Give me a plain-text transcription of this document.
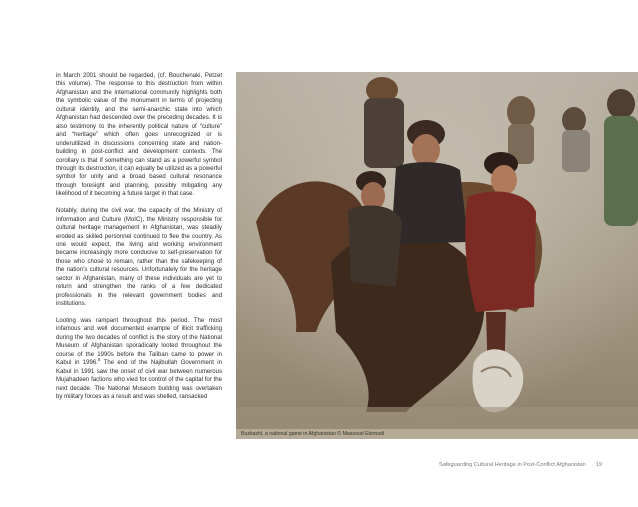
in March 2001 should be regarded, (cf. Bouchenaki, Petzet this volume). The response to this destruction from within Afghanistan and the international community highlights both the symbolic value of the monument in terms of projecting cultural identity, and the semi-anarchic state into which Afghanistan had descended over the preceding decades. It is also testimony to the inherently political nature of “culture” and “heritage” which often goes unrecognized or is underutilized in discussions concerning state and nation-building in post-conflict and development contexts. The corollary is that if something can stand as a powerful symbol through its destruction, it can equally be utilized as a powerful symbol for unity and a broad based cultural resonance through foresight and planning, possibly mitigating any likelihood of it becoming a future target in that case.

Notably, during the civil war, the capacity of the Ministry of Information and Culture (MoIC), the Ministry responsible for cultural heritage management in Afghanistan, was steadily eroded as skilled personnel continued to flee the country. As one would expect, the living and working environment became increasingly more conducive to self-preservation for those who chose to remain, rather than the safekeeping of the nation’s cultural resources. Unfortunately for the heritage sector in Afghanistan, many of these individuals are yet to return and strengthen the ranks of a few dedicated professionals in the relevant government bodies and institutions.

Looting was rampant throughout this period. The most infamous and well documented example of illicit trafficking during the two decades of conflict is the story of the National Museum of Afghanistan sporadically looted throughout the course of the 1990s before the Taliban came to power in Kabul in 1996.$^6$ The end of the Najibullah Government in Kabul in 1991 saw the onset of civil war between numerous Mujahadeen factions who vied for control of the capital for the next decade. The National Museum building was overtaken by military forces as a result and was shelled, ransacked

Buzkashi, a national game in Afghanistan © Massoud Etemadi
Safeguarding Cultural Heritage in Post-Conflict Afghanistan 19
